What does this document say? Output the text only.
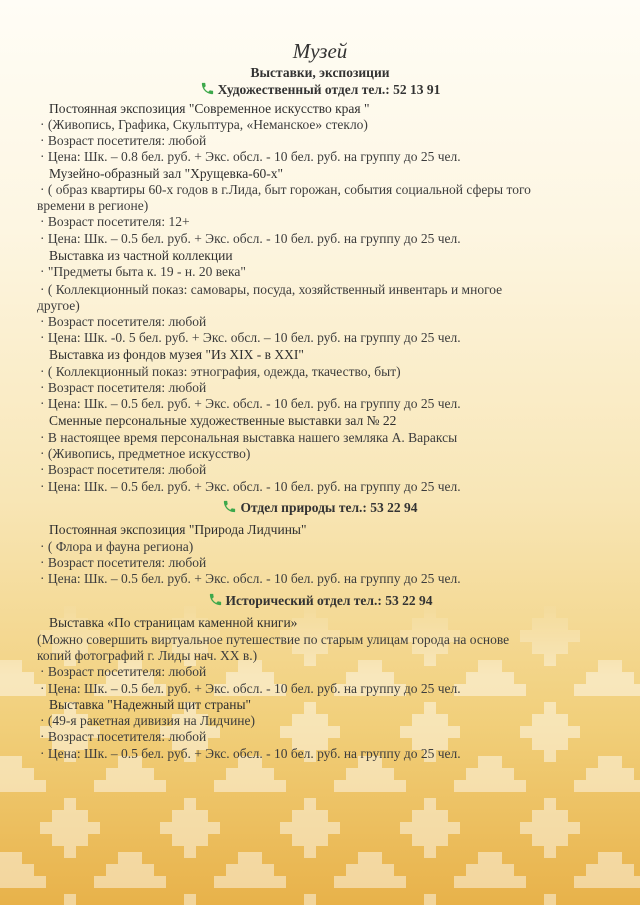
Музей
Выставки, экспозиции
Художественный отдел тел.: 52 13 91
Постоянная экспозиция "Современное искусство края "
· (Живопись, Графика, Скульптура, «Неманское» стекло)
· Возраст посетителя: любой
· Цена: Шк. – 0.8 бел. руб. + Экс. обсл. - 10 бел. руб. на группу до 25 чел.
Музейно-образный зал "Хрущевка-60-х"
· ( образ квартиры 60-х годов в г.Лида, быт горожан, события социальной сферы того
времени в регионе)
· Возраст посетителя: 12+
· Цена: Шк. – 0.5 бел. руб. + Экс. обсл. - 10 бел. руб. на группу до 25 чел.
Выставка из частной коллекции
· "Предметы быта к. 19 - н. 20 века"
· ( Коллекционный показ: самовары, посуда, хозяйственный инвентарь и многое
другое)
· Возраст посетителя: любой
· Цена: Шк. -0. 5 бел. руб. + Экс. обсл. – 10 бел. руб. на группу до 25 чел.
Выставка из фондов музея "Из XIX - в XXI"
· ( Коллекционный показ: этнография, одежда, ткачество, быт)
· Возраст посетителя: любой
· Цена: Шк. – 0.5 бел. руб. + Экс. обсл. - 10 бел. руб. на группу до 25 чел.
Сменные персональные художественные выставки зал № 22
· В настоящее время персональная выставка нашего земляка А. Вараксы
· (Живопись, предметное искусство)
· Возраст посетителя: любой
· Цена: Шк. – 0.5 бел. руб. + Экс. обсл. - 10 бел. руб. на группу до 25 чел.
Отдел природы тел.: 53 22 94
Постоянная экспозиция "Природа Лидчины"
· ( Флора и фауна региона)
· Возраст посетителя: любой
· Цена: Шк. – 0.5 бел. руб. + Экс. обсл. - 10 бел. руб. на группу до 25 чел.
Исторический отдел тел.: 53 22 94
Выставка «По страницам каменной книги»
(Можно совершить виртуальное путешествие по старым улицам города на основе
копий фотографий г. Лиды нач. XX в.)
· Возраст посетителя: любой
· Цена: Шк. – 0.5 бел. руб. + Экс. обсл. - 10 бел. руб. на группу до 25 чел.
Выставка "Надежный щит страны"
· (49-я ракетная дивизия на Лидчине)
· Возраст посетителя: любой
· Цена: Шк. – 0.5 бел. руб. + Экс. обсл. - 10 бел. руб. на группу до 25 чел.
